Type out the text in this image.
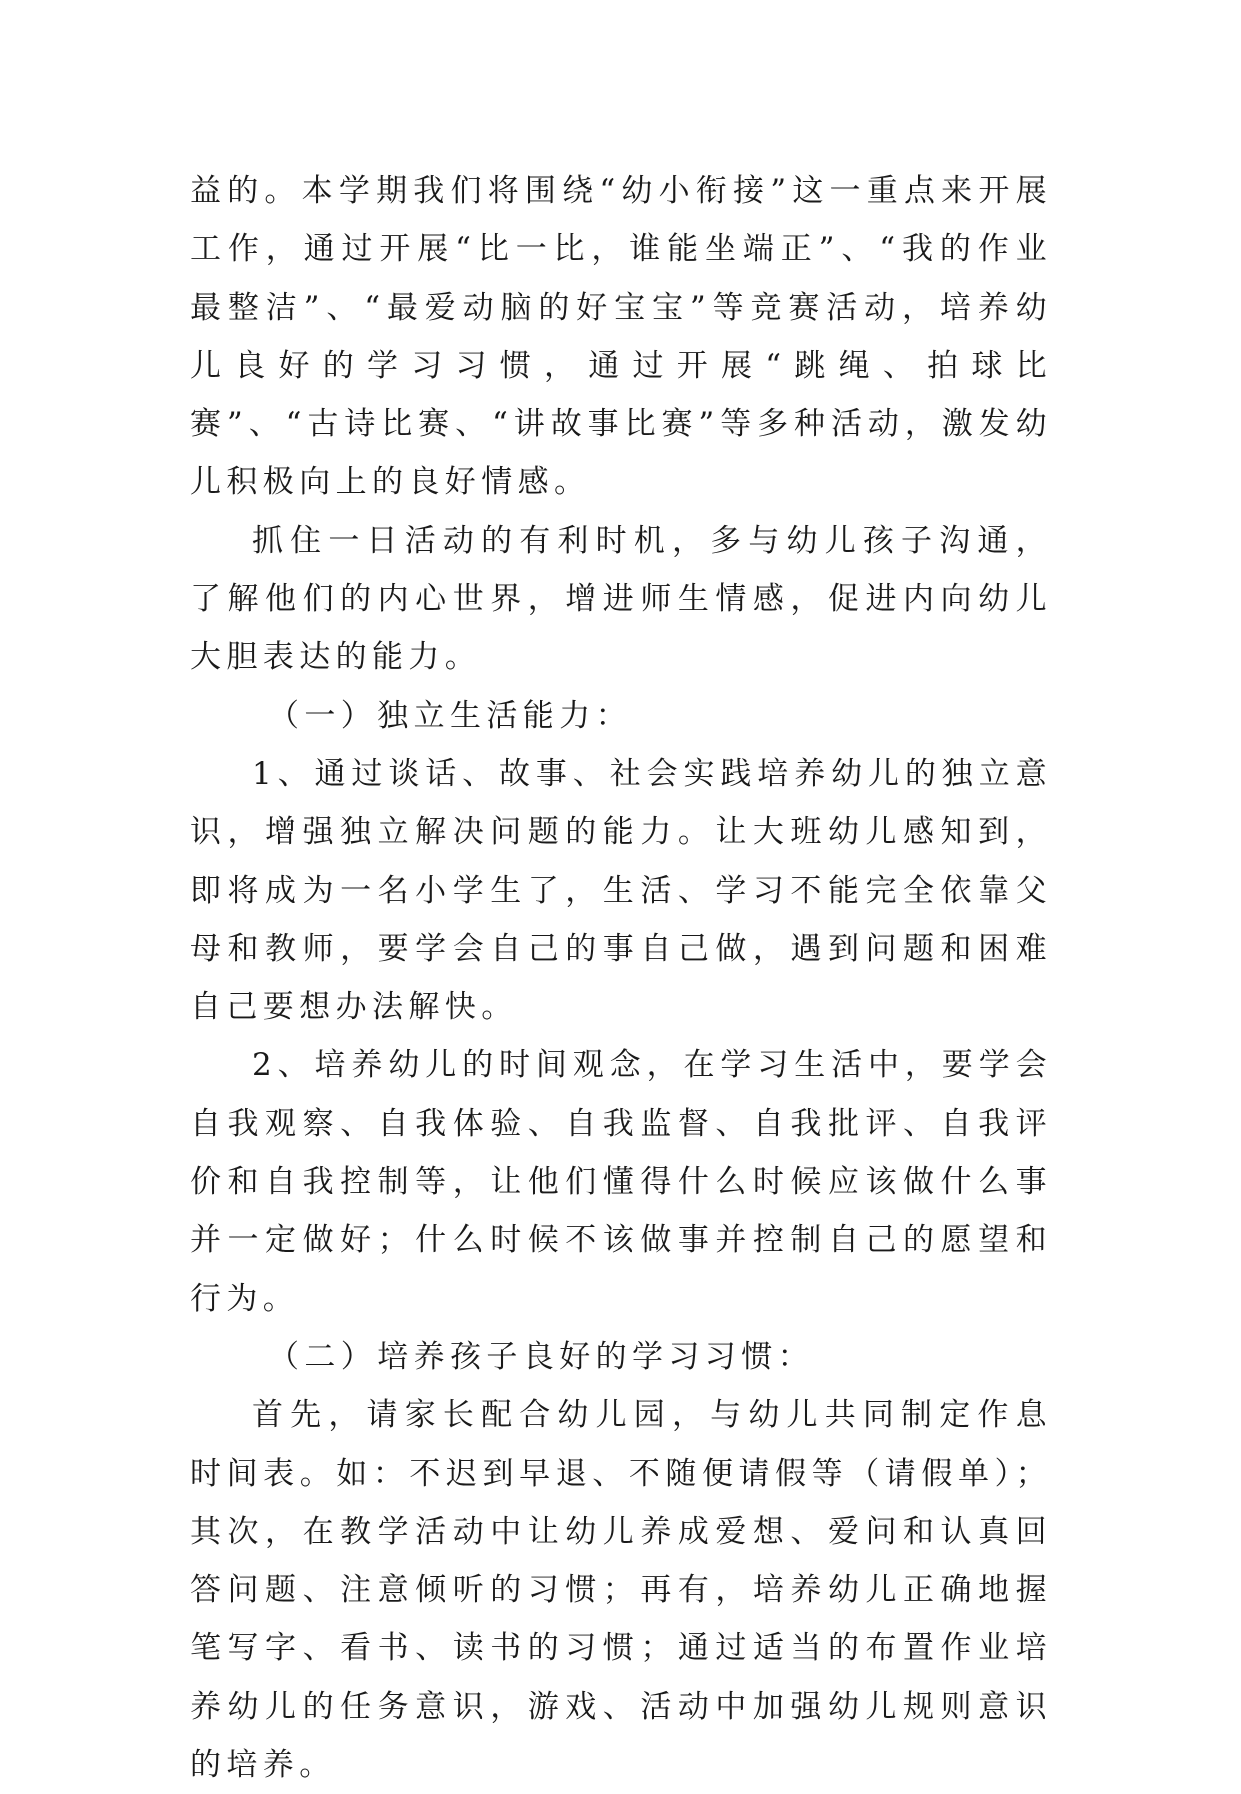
益的。本学期我们将围绕“幼小衔接”这一重点来开展工作，通过开展“比一比，谁能坐端正”、“我的作业最整洁”、“最爱动脑的好宝宝”等竞赛活动，培养幼儿良好的学习习惯，通过开展“跳绳、拍球比赛”、“古诗比赛、“讲故事比赛”等多种活动，激发幼儿积极向上的良好情感。

抓住一日活动的有利时机，多与幼儿孩子沟通，了解他们的内心世界，增进师生情感，促进内向幼儿大胆表达的能力。

（一）独立生活能力：

1、通过谈话、故事、社会实践培养幼儿的独立意识，增强独立解决问题的能力。让大班幼儿感知到，即将成为一名小学生了，生活、学习不能完全依靠父母和教师，要学会自己的事自己做，遇到问题和困难自己要想办法解快。

2、培养幼儿的时间观念，在学习生活中，要学会自我观察、自我体验、自我监督、自我批评、自我评价和自我控制等，让他们懂得什么时候应该做什么事并一定做好；什么时候不该做事并控制自己的愿望和行为。

（二）培养孩子良好的学习习惯：

首先，请家长配合幼儿园，与幼儿共同制定作息时间表。如：不迟到早退、不随便请假等（请假单）；其次，在教学活动中让幼儿养成爱想、爱问和认真回答问题、注意倾听的习惯；再有，培养幼儿正确地握笔写字、看书、读书的习惯；通过适当的布置作业培养幼儿的任务意识，游戏、活动中加强幼儿规则意识的培养。
